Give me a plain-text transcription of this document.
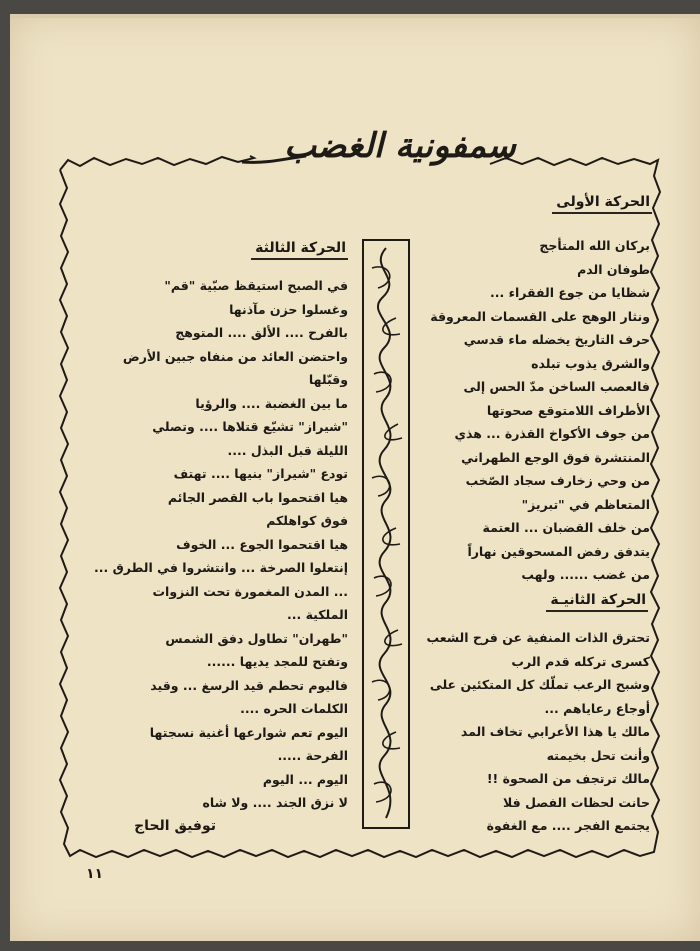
سمفونية الغضب
الحركة الأولى
بركان الله المتأجج
طوفان الدم
شظايا من جوع الفقراء ...
ونثار الوهج على القسمات المعروقة
حرف التاريخ يخضله ماء قدسي
والشرق يذوب تبلده
فالعصب الساخن مدّ الحس إلى
الأطراف اللامتوقع صحوتها
من جوف الأكواخ القذرة ... هذي
المنتشرة فوق الوجع الطهراني
من وحي زخارف سجاد الصّخب
المتعاظم في "تبريز"
من خلف القضبان ... العتمة
يتدفق رفض المسحوقين نهاراً
من غضب ...... ولهب
الحركة الثانيـة
تحترق الذات المنفية عن فرح الشعب
كسرى تركله قدم الرب
وشبح الرعب تملّك كل المتكئين على
أوجاع رعاياهم ...
مالك يا هذا الأعرابي تخاف المد
وأنت تحل بخيمته
مالك ترتجف من الصحوة !!
حانت لحظات الفصل فلا
يجتمع الفجر .... مع الغفوة
الحركة الثالثة
في الصبح استيقظ صبّية "قم"
وغسلوا حزن مآذنها
بالفرح .... الألق .... المتوهج
واحتضن العائد من منفاه جبين الأرض
وقبّلها
ما بين الغضبة .... والرؤيا
"شيراز" تشيّع قتلاها .... وتصلي
الليلة قبل البذل ....
تودع "شيراز" بنيها .... تهتف
هيا اقتحموا باب القصر الجائم
فوق كواهلكم
هيا اقتحموا الجوع ... الخوف
إنتعلوا الصرخة ... وانتشروا في الطرق ...
... المدن المغمورة تحت النزوات
الملكية ...
"طهران" تطاول دفق الشمس
وتفتح للمجد يديها ......
فاليوم تحطم قيد الرسغ ... وقيد
الكلمات الحره ....
اليوم تعم شوارعها أغنية نسجتها
الفرحة .....
اليوم ... اليوم
لا نزق الجند .... ولا شاه
توفيق الحاج
١١
